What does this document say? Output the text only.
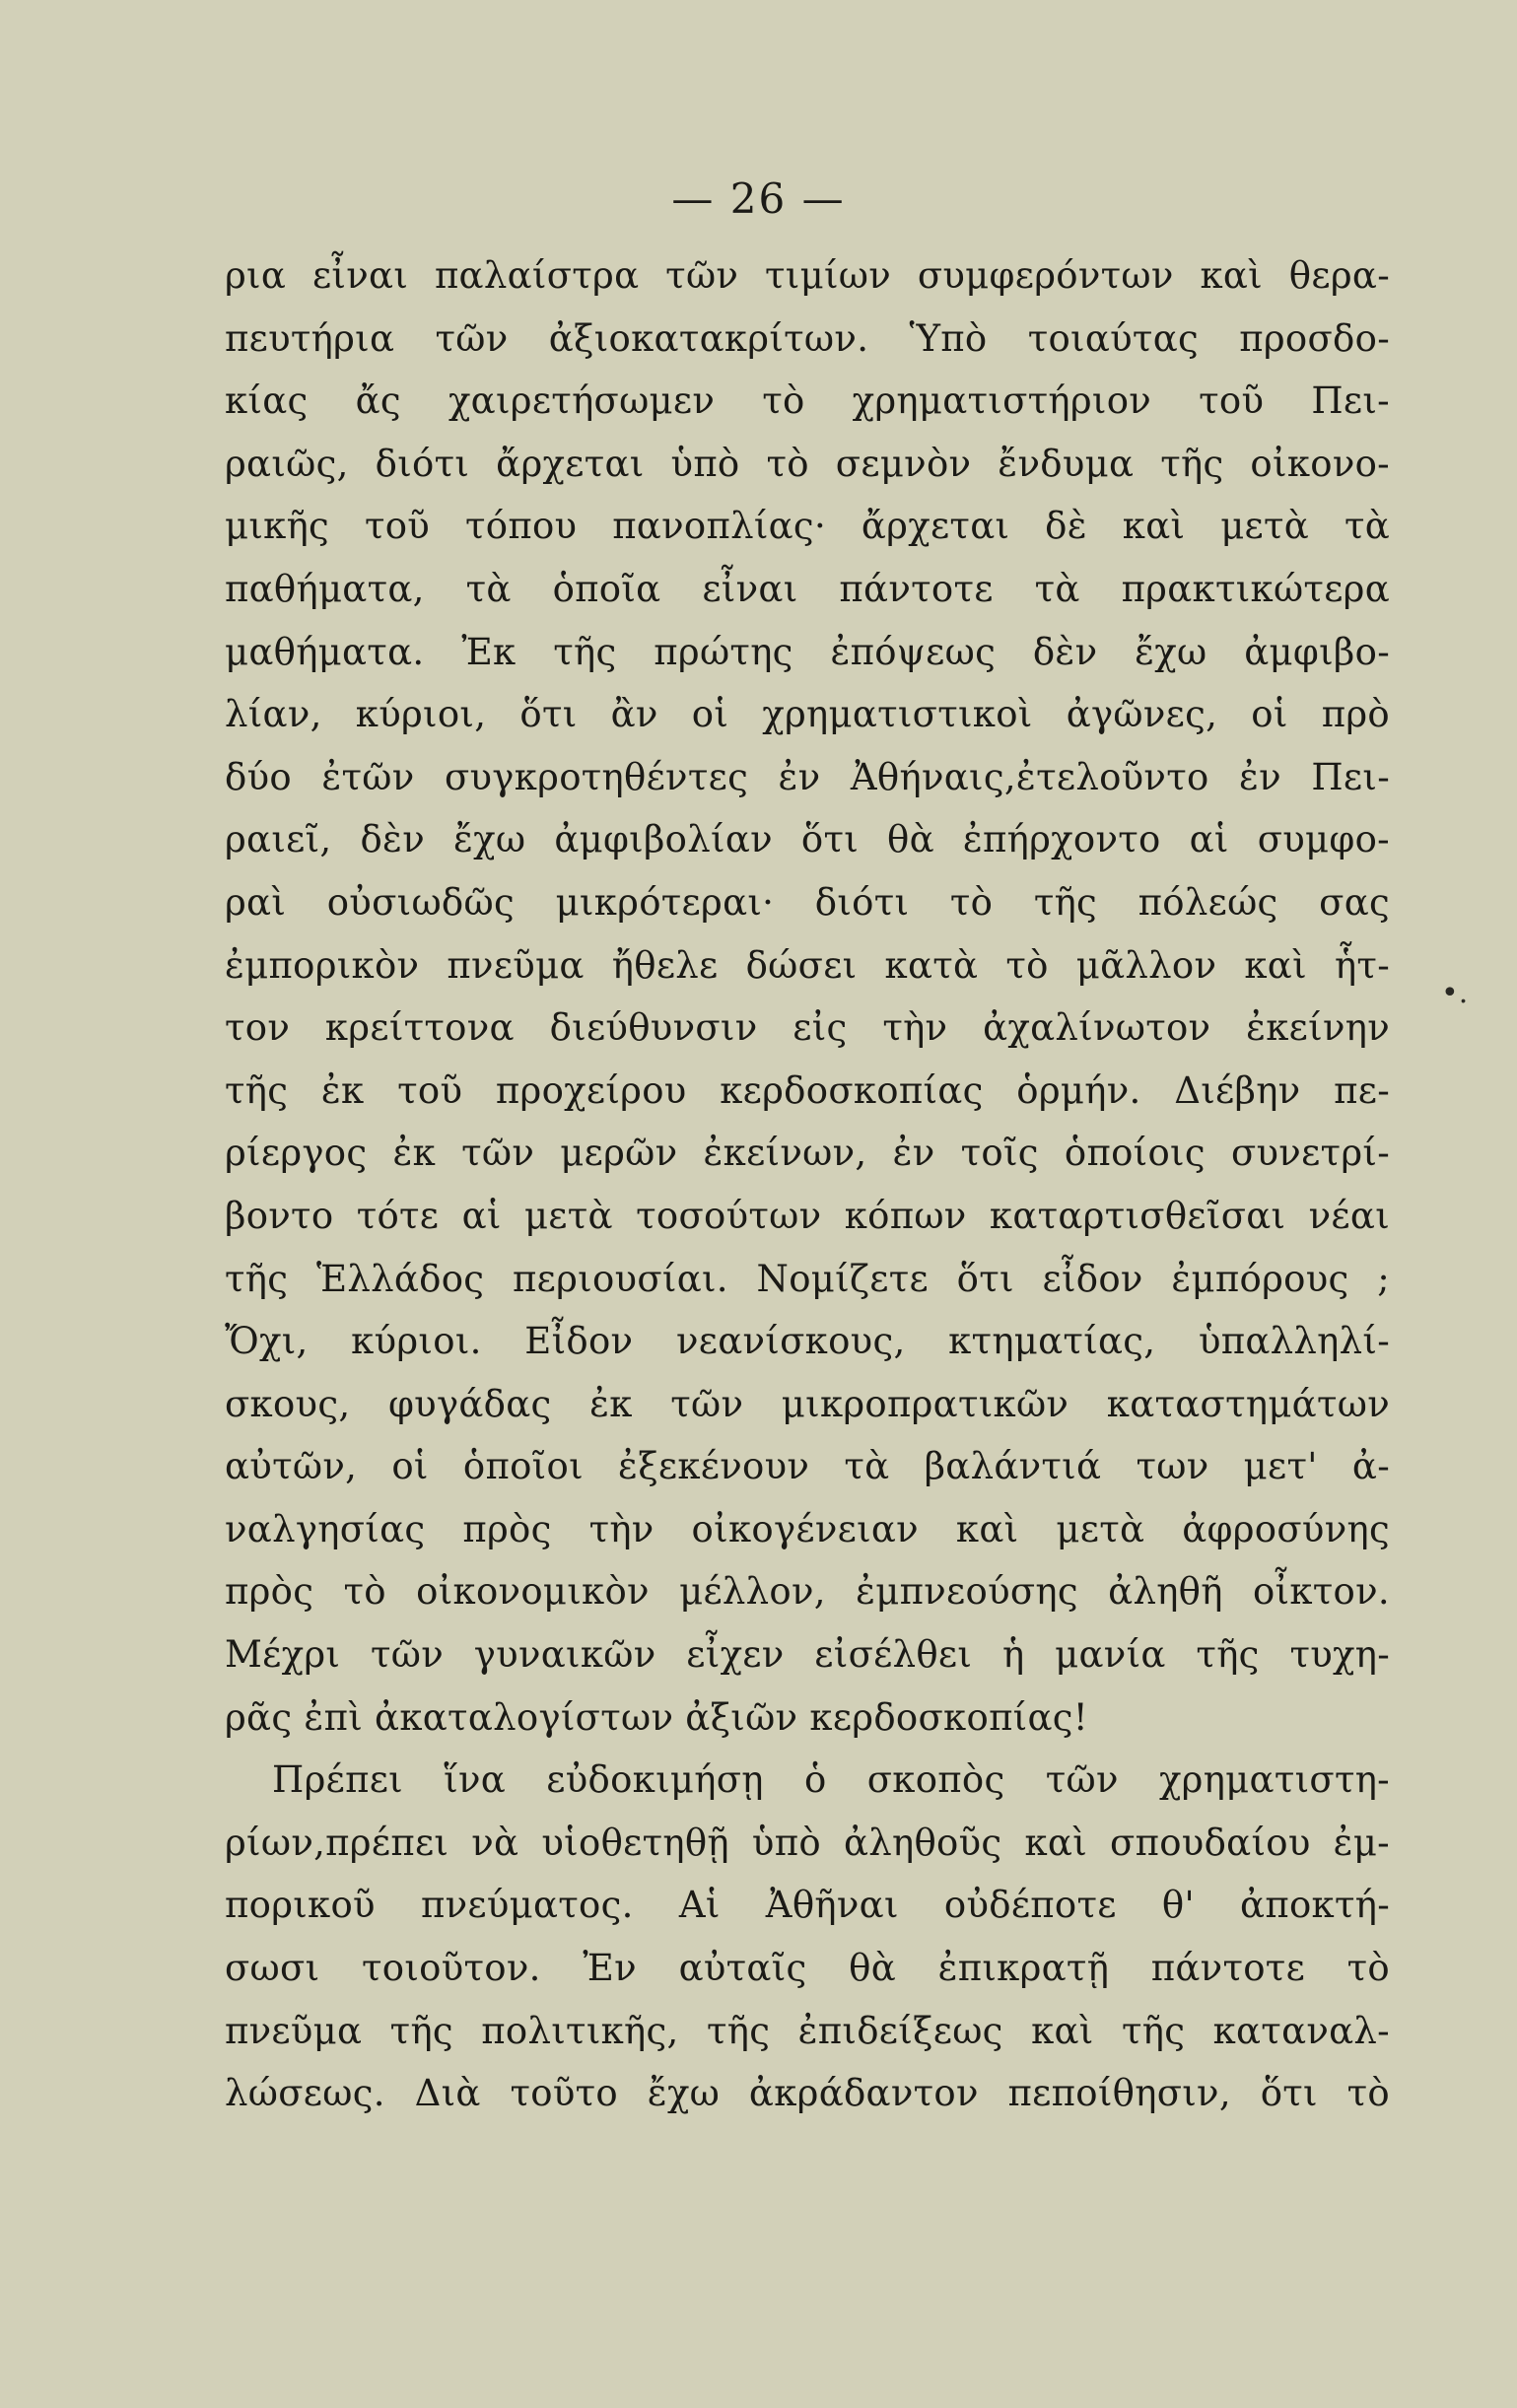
— 26 —
ρια εἶναι παλαίστρα τῶν τιμίων συμφερόντων καὶ θερα-
πευτήρια τῶν ἀξιοκατακρίτων. Ὑπὸ τοιαύτας προσδο-
κίας ἄς χαιρετήσωμεν τὸ χρηματιστήριον τοῦ Πει-
ραιῶς, διότι ἄρχεται ὑπὸ τὸ σεμνὸν ἔνδυμα τῆς οἰκονο-
μικῆς τοῦ τόπου πανοπλίας· ἄρχεται δὲ καὶ μετὰ τὰ
παθήματα, τὰ ὁποῖα εἶναι πάντοτε τὰ πρακτικώτερα
μαθήματα. Ἐκ τῆς πρώτης ἐπόψεως δὲν ἔχω ἀμφιβο-
λίαν, κύριοι, ὅτι ἂν οἱ χρηματιστικοὶ ἀγῶνες, οἱ πρὸ
δύο ἐτῶν συγκροτηθέντες ἐν Ἀθήναις,ἐτελοῦντο ἐν Πει-
ραιεῖ, δὲν ἔχω ἀμφιβολίαν ὅτι θὰ ἐπήρχοντο αἱ συμφο-
ραὶ οὐσιωδῶς μικρότεραι· διότι τὸ τῆς πόλεώς σας
ἐμπορικὸν πνεῦμα ἤθελε δώσει κατὰ τὸ μᾶλλον καὶ ἧτ-
τον κρείττονα διεύθυνσιν εἰς τὴν ἀχαλίνωτον ἐκείνην
τῆς ἐκ τοῦ προχείρου κερδοσκοπίας ὁρμήν. Διέβην πε-
ρίεργος ἐκ τῶν μερῶν ἐκείνων, ἐν τοῖς ὁποίοις συνετρί-
βοντο τότε αἱ μετὰ τοσούτων κόπων καταρτισθεῖσαι νέαι
τῆς Ἑλλάδος περιουσίαι. Νομίζετε ὅτι εἶδον ἐμπόρους ;
Ὄχι, κύριοι. Εἶδον νεανίσκους, κτηματίας, ὑπαλληλί-
σκους, φυγάδας ἐκ τῶν μικροπρατικῶν καταστημάτων
αὐτῶν, οἱ ὁποῖοι ἐξεκένουν τὰ βαλάντιά των μετ' ἀ-
ναλγησίας πρὸς τὴν οἰκογένειαν καὶ μετὰ ἀφροσύνης
πρὸς τὸ οἰκονομικὸν μέλλον, ἐμπνεούσης ἀληθῆ οἶκτον.
Μέχρι τῶν γυναικῶν εἶχεν εἰσέλθει ἡ μανία τῆς τυχη-
ρᾶς ἐπὶ ἀκαταλογίστων ἀξιῶν κερδοσκοπίας!
Πρέπει ἵνα εὐδοκιμήσῃ ὁ σκοπὸς τῶν χρηματιστη-
ρίων,πρέπει νὰ υἱοθετηθῇ ὑπὸ ἀληθοῦς καὶ σπουδαίου ἐμ-
πορικοῦ πνεύματος. Αἱ Ἀθῆναι οὐδέποτε θ' ἀποκτή-
σωσι τοιοῦτον. Ἐν αὐταῖς θὰ ἐπικρατῇ πάντοτε τὸ
πνεῦμα τῆς πολιτικῆς, τῆς ἐπιδείξεως καὶ τῆς καταναλ-
λώσεως. Διὰ τοῦτο ἔχω ἀκράδαντον πεποίθησιν, ὅτι τὸ
•.
